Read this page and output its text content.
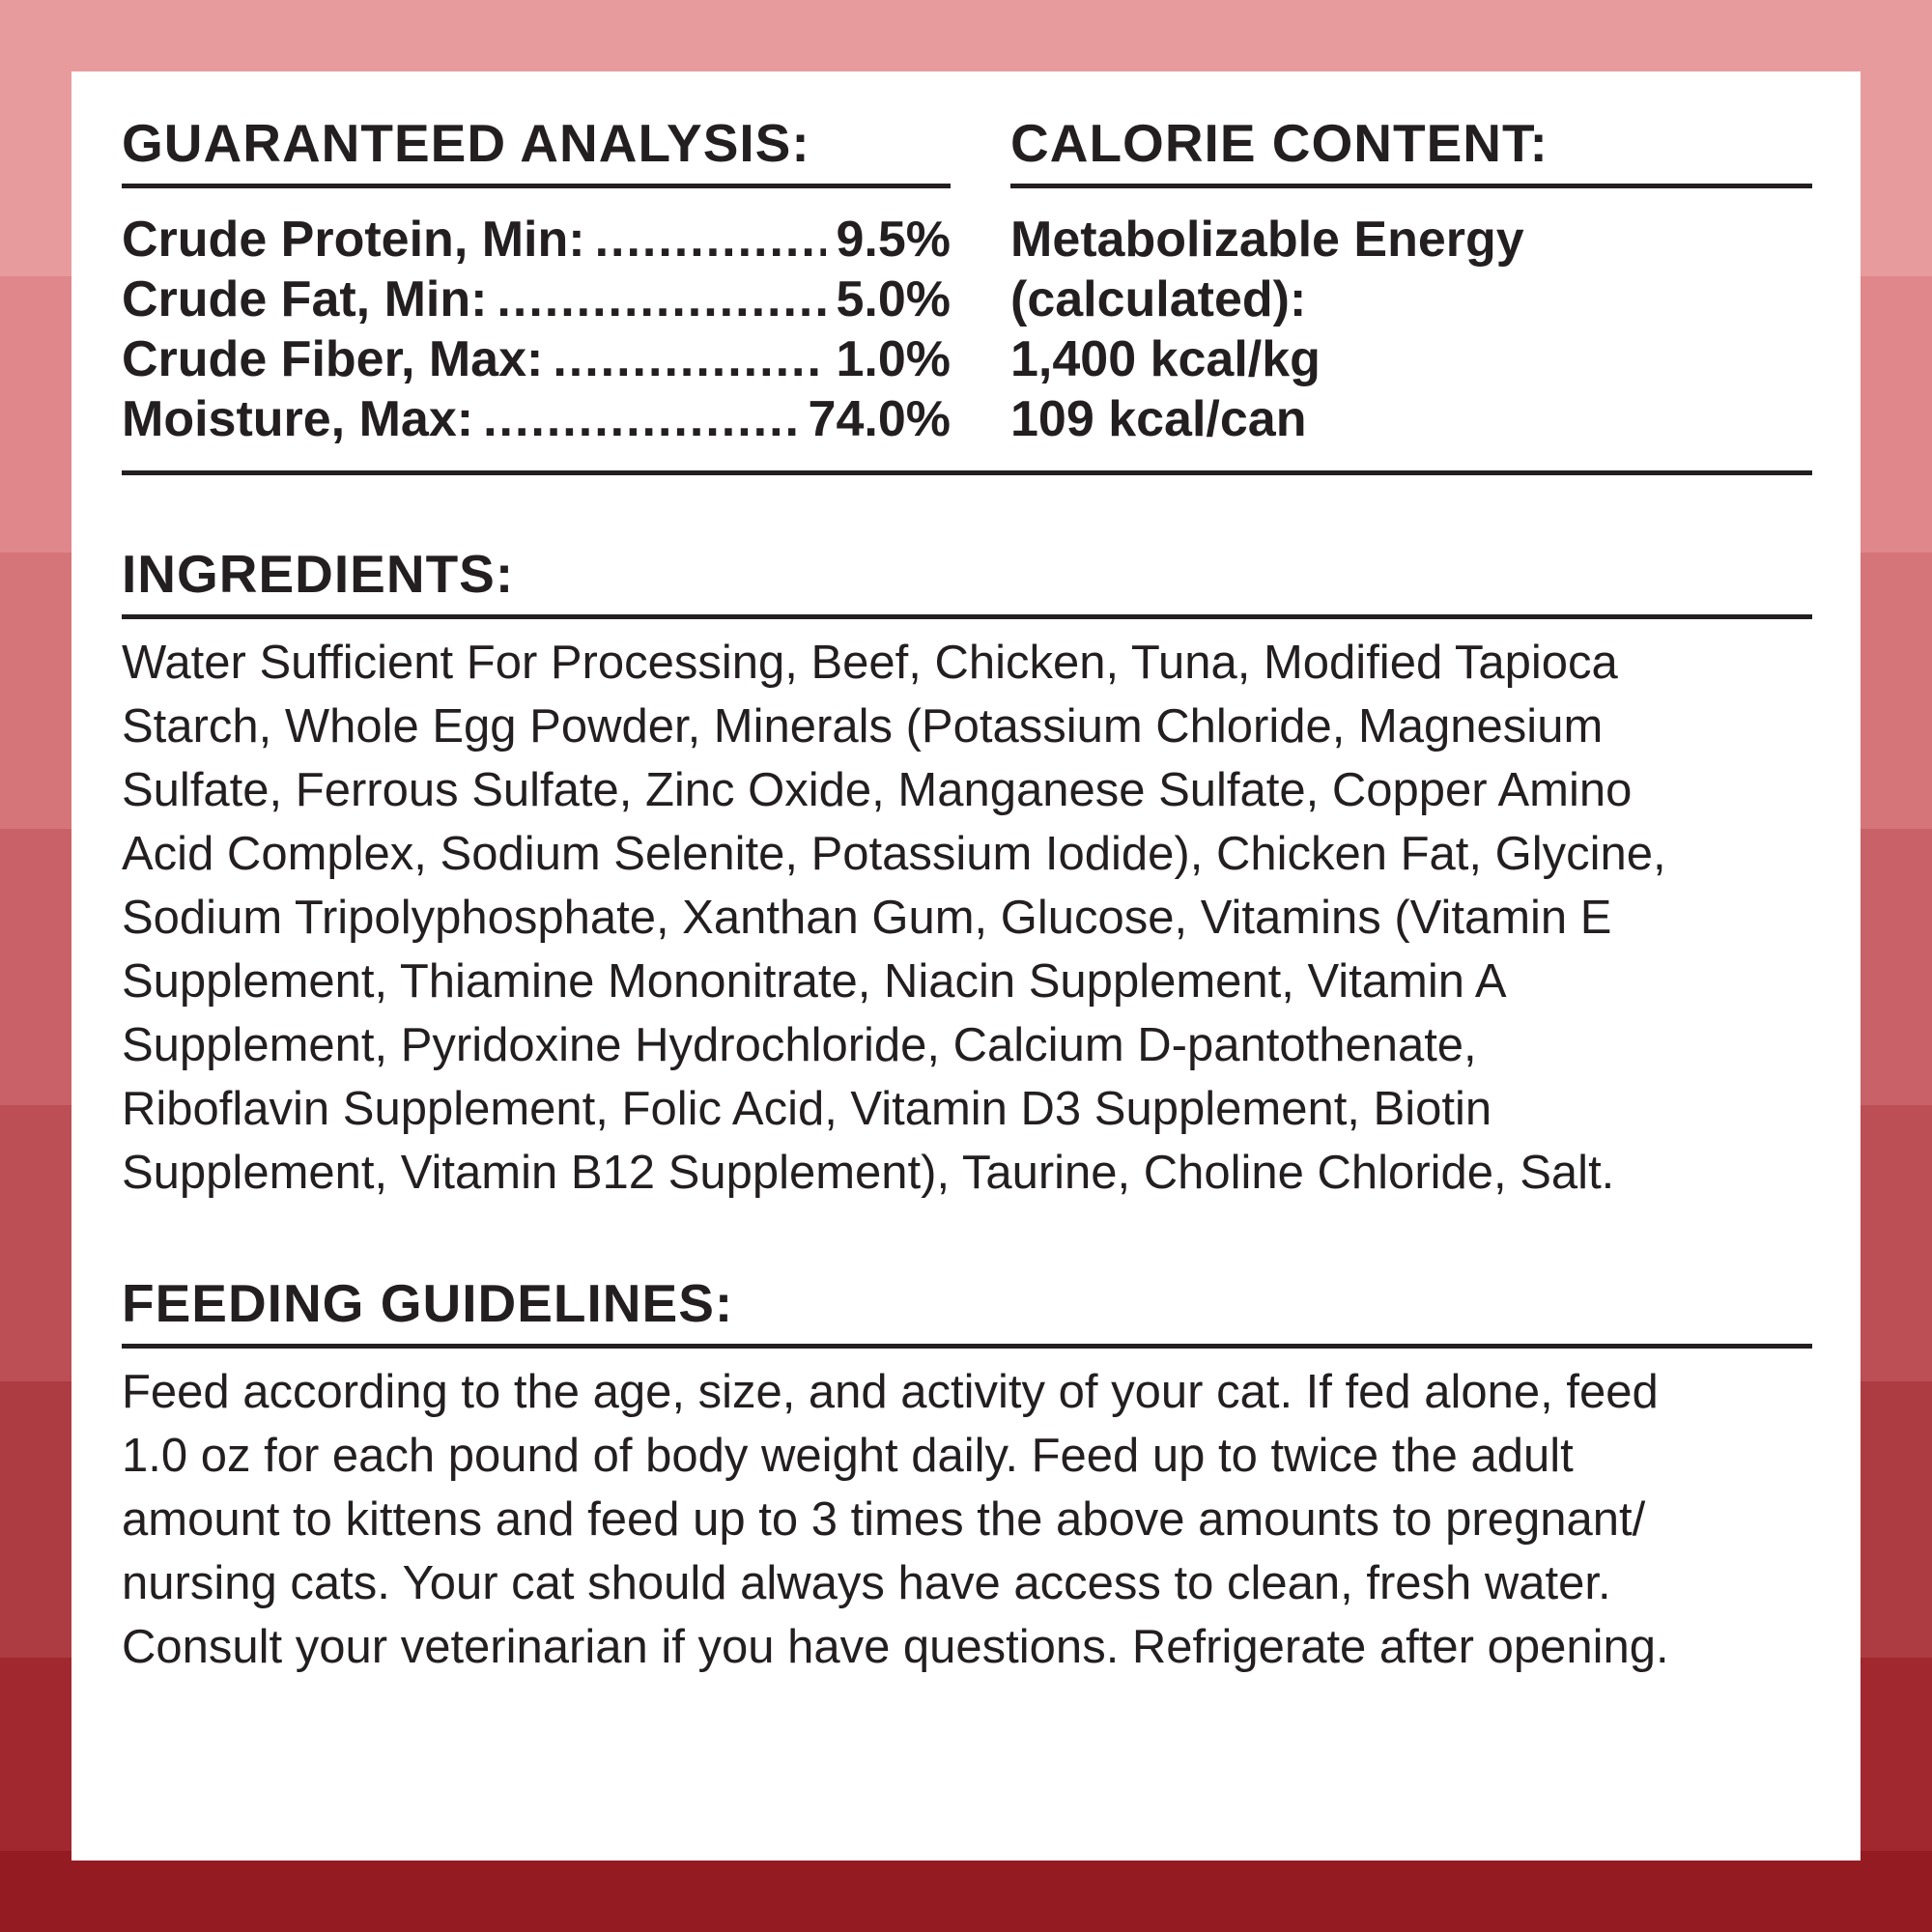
GUARANTEED ANALYSIS:
Crude Protein, Min: .....	9.5%
Crude Fat, Min: .....	5.0%
Crude Fiber, Max: .....	1.0%
Moisture, Max: .....	74.0%
CALORIE CONTENT:
Metabolizable Energy
(calculated):
1,400 kcal/kg
109 kcal/can
INGREDIENTS:
Water Sufficient For Processing, Beef, Chicken, Tuna, Modified Tapioca
Starch, Whole Egg Powder, Minerals (Potassium Chloride, Magnesium
Sulfate, Ferrous Sulfate, Zinc Oxide, Manganese Sulfate, Copper Amino
Acid Complex, Sodium Selenite, Potassium Iodide), Chicken Fat, Glycine,
Sodium Tripolyphosphate, Xanthan Gum, Glucose, Vitamins (Vitamin E
Supplement, Thiamine Mononitrate, Niacin Supplement, Vitamin A
Supplement, Pyridoxine Hydrochloride, Calcium D-pantothenate,
Riboflavin Supplement, Folic Acid, Vitamin D3 Supplement, Biotin
Supplement, Vitamin B12 Supplement), Taurine, Choline Chloride, Salt.
FEEDING GUIDELINES:
Feed according to the age, size, and activity of your cat. If fed alone, feed
1.0 oz for each pound of body weight daily. Feed up to twice the adult
amount to kittens and feed up to 3 times the above amounts to pregnant/
nursing cats. Your cat should always have access to clean, fresh water.
Consult your veterinarian if you have questions. Refrigerate after opening.
